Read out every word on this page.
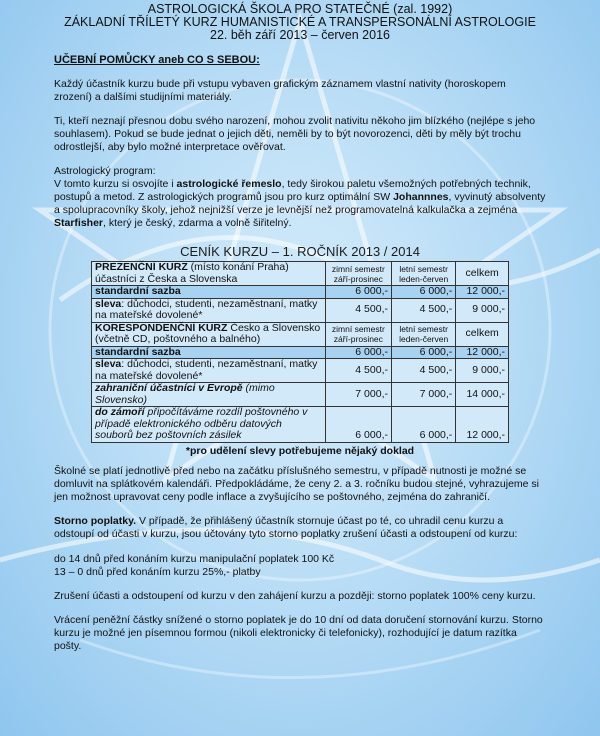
ASTROLOGICKÁ ŠKOLA PRO STATEČNÉ (zal. 1992)
ZÁKLADNÍ TŘÍLETÝ KURZ HUMANISTICKÉ A TRANSPERSONÁLNÍ ASTROLOGIE
22. běh září 2013 – červen 2016
UČEBNÍ POMŮCKY aneb CO S SEBOU:

Každý účastník kurzu bude při vstupu vybaven grafickým záznamem vlastní nativity (horoskopem zrození) a dalšími studijními materiály.

Ti, kteří neznají přesnou dobu svého narození, mohou zvolit nativitu někoho jim blízkého (nejlépe s jeho souhlasem). Pokud se bude jednat o jejich děti, neměli by to být novorozenci, děti by měly být trochu odrostlejší, aby bylo možné interpretace ověřovat.

Astrologický program:

V tomto kurzu si osvojíte i astrologické řemeslo, tedy širokou paletu všemožných potřebných technik, postupů a metod. Z astrologických programů jsou pro kurz optimální SW Johannnes, vyvinutý absolventy a spolupracovníky školy, jehož nejnižší verze je levnější než programovatelná kalkulačka a zejména Starfisher, který je český, zdarma a volně šiřitelný.

CENÍK KURZU – 1. ROČNÍK 2013 / 2014
PREZENČNÍ KURZ (místo konání Praha) účastníci z Česka a Slovenska	zimní semestr září-prosinec	letní semestr leden-červen	celkem
standardní sazba	6 000,-	6 000,-	12 000,-
sleva: důchodci, studenti, nezaměstnaní, matky na mateřské dovolené*	4 500,-	4 500,-	9 000,-
KORESPONDENČNÍ KURZ Česko a Slovensko (včetně CD, poštovného a balného)	zimní semestr září-prosinec	letní semestr leden-červen	celkem
standardní sazba	6 000,-	6 000,-	12 000,-
sleva: důchodci, studenti, nezaměstnaní, matky na mateřské dovolené*	4 500,-	4 500,-	9 000,-
zahraniční účastníci v Evropě (mimo Slovensko)	7 000,-	7 000,-	14 000,-
do zámoří připočítáváme rozdíl poštovného v případě elektronického odběru datových souborů bez poštovních zásilek	6 000,-	6 000,-	12 000,-
*pro udělení slevy potřebujeme nějaký doklad

Školné se platí jednotlivě před nebo na začátku příslušného semestru, v případě nutnosti je možné se domluvit na splátkovém kalendáři. Předpokládáme, že ceny 2. a 3. ročníku budou stejné, vyhrazujeme si jen možnost upravovat ceny podle inflace a zvyšujícího se poštovného, zejména do zahraničí.

Storno poplatky. V případě, že přihlášený účastník stornuje účast po té, co uhradil cenu kurzu a odstoupí od účasti v kurzu, jsou účtovány tyto storno poplatky zrušení účasti a odstoupení od kurzu:

do 14 dnů před konáním kurzu manipulační poplatek 100 Kč

13 – 0 dnů před konáním kurzu 25%,- platby

Zrušení účasti a odstoupení od kurzu v den zahájení kurzu a později: storno poplatek 100% ceny kurzu.

Vrácení peněžní částky snížené o storno poplatek je do 10 dní od data doručení stornování kurzu. Storno kurzu je možné jen písemnou formou (nikoli elektronicky či telefonicky), rozhodující je datum razítka pošty.
